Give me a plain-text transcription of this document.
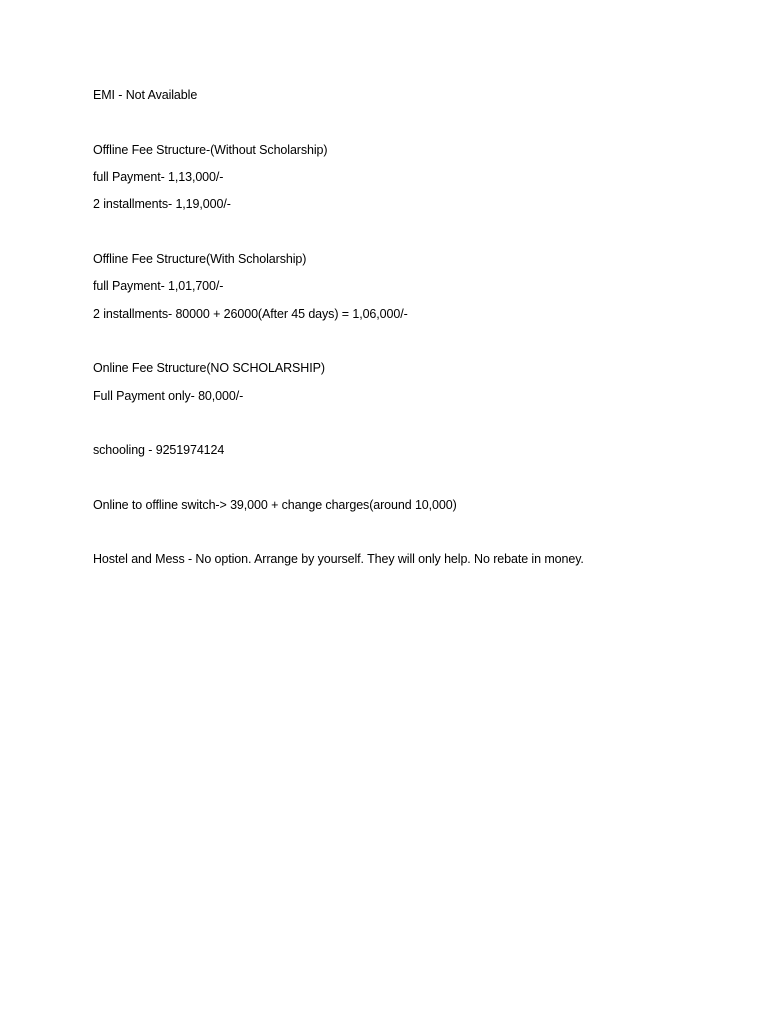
EMI - Not Available
Offline Fee Structure-(Without Scholarship)
full Payment- 1,13,000/-
2 installments- 1,19,000/-
Offline Fee Structure(With Scholarship)
full Payment- 1,01,700/-
2 installments- 80000 + 26000(After 45 days) = 1,06,000/-
Online Fee Structure(NO SCHOLARSHIP)
Full Payment only- 80,000/-
schooling - 9251974124
Online to offline switch-> 39,000 + change charges(around 10,000)
Hostel and Mess - No option. Arrange by yourself. They will only help. No rebate in money.
